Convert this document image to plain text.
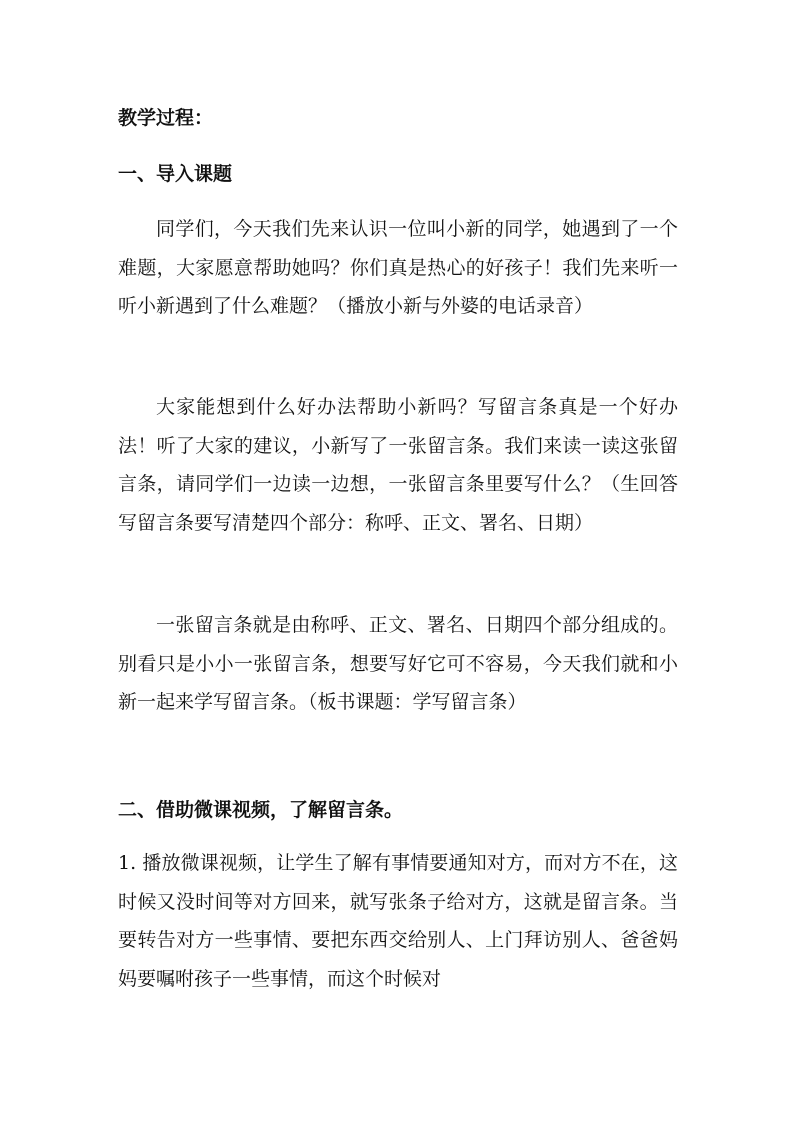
教学过程：
一、导入课题
同学们，今天我们先来认识一位叫小新的同学，她遇到了一个难题，大家愿意帮助她吗？你们真是热心的好孩子！我们先来听一听小新遇到了什么难题？（播放小新与外婆的电话录音）
大家能想到什么好办法帮助小新吗？写留言条真是一个好办法！听了大家的建议，小新写了一张留言条。我们来读一读这张留言条，请同学们一边读一边想，一张留言条里要写什么？（生回答写留言条要写清楚四个部分：称呼、正文、署名、日期）
一张留言条就是由称呼、正文、署名、日期四个部分组成的。别看只是小小一张留言条，想要写好它可不容易，今天我们就和小新一起来学写留言条。（板书课题：学写留言条）
二、借助微课视频，了解留言条。
1. 播放微课视频，让学生了解有事情要通知对方，而对方不在，这时候又没时间等对方回来，就写张条子给对方，这就是留言条。当要转告对方一些事情、要把东西交给别人、上门拜访别人、爸爸妈妈要嘱咐孩子一些事情，而这个时候对
